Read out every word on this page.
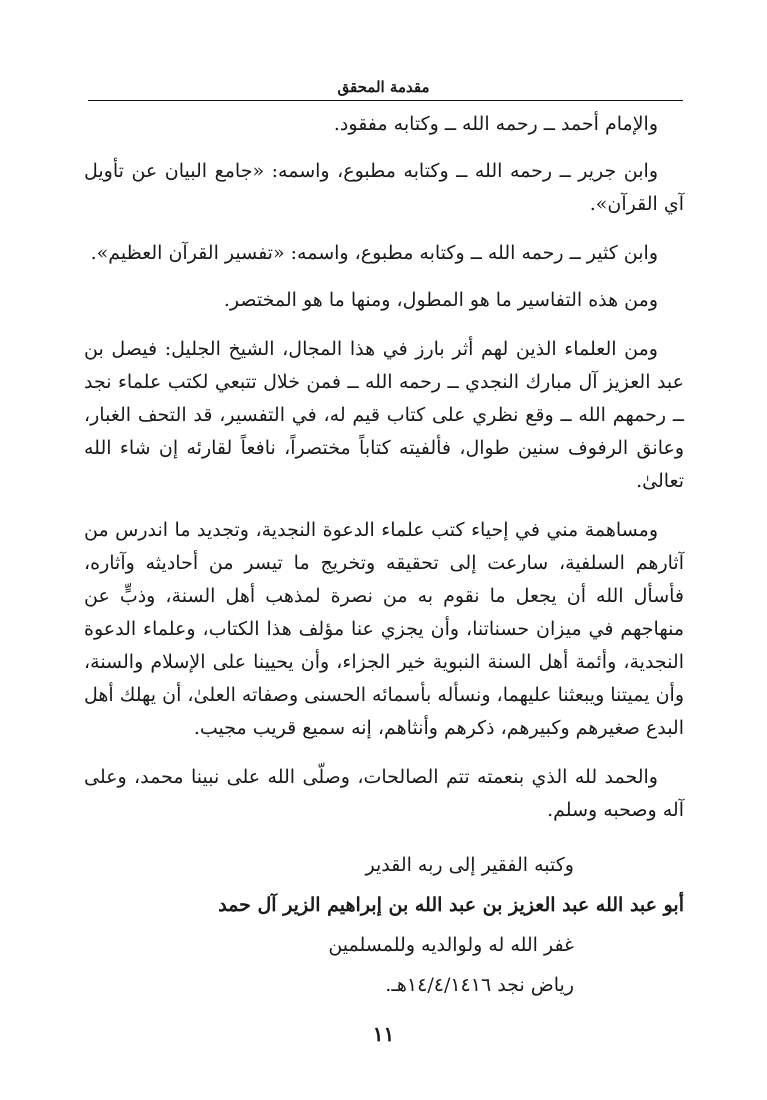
مقدمة المحقق

والإمام أحمد ــ رحمه الله ــ وكتابه مفقود.

وابن جرير ــ رحمه الله ــ وكتابه مطبوع، واسمه: «جامع البيان عن تأويل آي القرآن».

وابن كثير ــ رحمه الله ــ وكتابه مطبوع، واسمه: «تفسير القرآن العظيم».

ومن هذه التفاسير ما هو المطول، ومنها ما هو المختصر.

ومن العلماء الذين لهم أثر بارز في هذا المجال، الشيخ الجليل: فيصل بن عبد العزيز آل مبارك النجدي ــ رحمه الله ــ فمن خلال تتبعي لكتب علماء نجد ــ رحمهم الله ــ وقع نظري على كتاب قيم له، في التفسير، قد التحف الغبار، وعانق الرفوف سنين طوال، فألفيته كتاباً مختصراً، نافعاً لقارئه إن شاء الله تعالىٰ.

ومساهمة مني في إحياء كتب علماء الدعوة النجدية، وتجديد ما اندرس من آثارهم السلفية، سارعت إلى تحقيقه وتخريج ما تيسر من أحاديثه وآثاره، فأسأل الله أن يجعل ما نقوم به من نصرة لمذهب أهل السنة، وذبٍّ عن منهاجهم في ميزان حسناتنا، وأن يجزي عنا مؤلف هذا الكتاب، وعلماء الدعوة النجدية، وأئمة أهل السنة النبوية خير الجزاء، وأن يحيينا على الإسلام والسنة، وأن يميتنا ويبعثنا عليهما، ونسأله بأسمائه الحسنى وصفاته العلىٰ، أن يهلك أهل البدع صغيرهم وكبيرهم، ذكرهم وأنثاهم، إنه سميع قريب مجيب.

والحمد لله الذي بنعمته تتم الصالحات، وصلّى الله على نبينا محمد، وعلى آله وصحبه وسلم.

وكتبه الفقير إلى ربه القدير
أبو عبد الله عبد العزيز بن عبد الله بن إبراهيم الزير آل حمد
غفر الله له ولوالديه وللمسلمين
رياض نجد ١٤/٤/١٤١٦هـ.
١١
